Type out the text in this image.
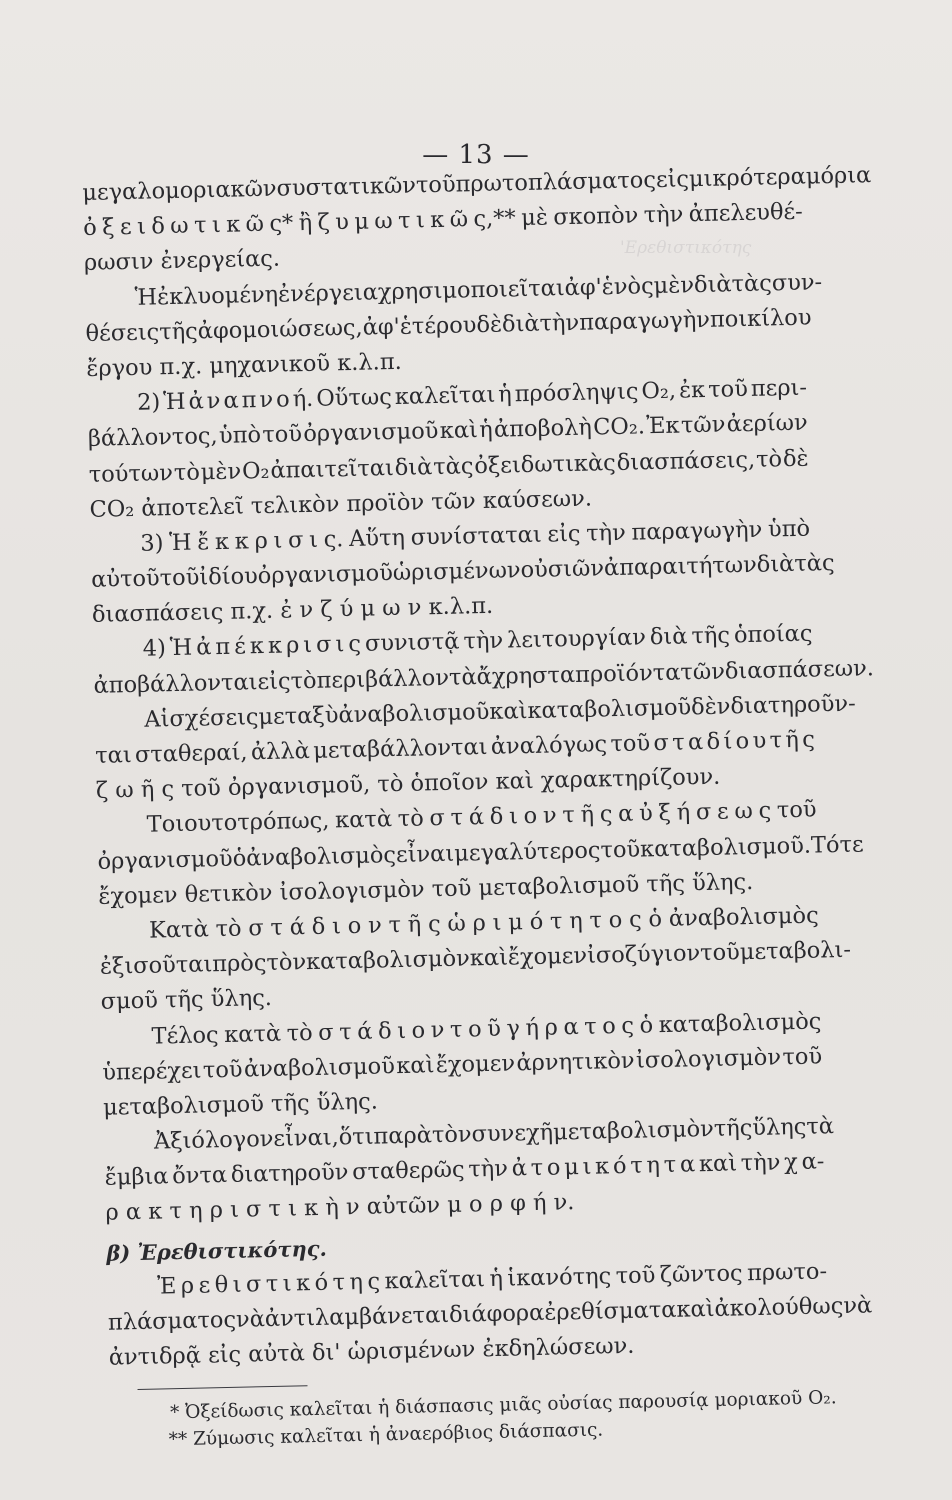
'Ερεθιστικότης
— 13 —
μεγαλομοριακῶν συστατικῶν τοῦ πρωτοπλάσματος εἰς μικρότερα μόρια
ὀ ξ ε ι δ ω τ ι κ ῶ ς* ἢ ζ υ μ ω τ ι κ ῶ ς,** μὲ σκοπὸν τὴν ἀπελευθέ-
ρωσιν ἐνεργείας.
Ἡ ἐκλυομένη ἐνέργεια χρησιμοποιεῖται ἀφ' ἑνὸς μὲν διὰ τὰς συν-
θέσεις τῆς ἀφομοιώσεως, ἀφ' ἑτέρου δὲ διὰ τὴν παραγωγὴν ποικίλου
ἔργου π.χ. μηχανικοῦ κ.λ.π.
2) Ἡ ἀ ν α π ν ο ή. Οὕτως καλεῖται ἡ πρόσληψις O₂, ἐκ τοῦ περι-
βάλλοντος, ὑπὸ τοῦ ὀργανισμοῦ καὶ ἡ ἀποβολὴ CO₂. Ἐκ τῶν ἀερίων
τούτων τὸ μὲν O₂ ἀπαιτεῖται διὰ τὰς ὀξειδωτικὰς διασπάσεις, τὸ δὲ
CO₂ ἀποτελεῖ τελικὸν προϊὸν τῶν καύσεων.
3) Ἡ ἔ κ κ ρ ι σ ι ς. Αὕτη συνίσταται εἰς τὴν παραγωγὴν ὑπὸ
αὐτοῦ τοῦ ἰδίου ὀργανισμοῦ ὡρισμένων οὐσιῶν ἀπαραιτήτων διὰ τὰς
διασπάσεις π.χ. ἐ ν ζ ύ μ ω ν κ.λ.π.
4) Ἡ ἀ π έ κ κ ρ ι σ ι ς συνιστᾷ τὴν λειτουργίαν διὰ τῆς ὁποίας
ἀποβάλλονται εἰς τὸ περιβάλλον τὰ ἄχρηστα προϊόντα τῶν διασπάσεων.
Αἱ σχέσεις μεταξὺ ἀναβολισμοῦ καὶ καταβολισμοῦ δὲν διατηροῦν-
ται σταθεραί, ἀλλὰ μεταβάλλονται ἀναλόγως τοῦ σ τ α δ ί ο υ τ ῆ ς
ζ ω ῆ ς τοῦ ὀργανισμοῦ, τὸ ὁποῖον καὶ χαρακτηρίζουν.
Τοιουτοτρόπως, κατὰ τὸ σ τ ά δ ι ο ν τ ῆ ς α ὐ ξ ή σ ε ω ς τοῦ
ὀργανισμοῦ ὁ ἀναβολισμὸς εἶναι μεγαλύτερος τοῦ καταβολισμοῦ. Τότε
ἔχομεν θετικὸν ἰσολογισμὸν τοῦ μεταβολισμοῦ τῆς ὕλης.
Κατὰ τὸ σ τ ά δ ι ο ν τ ῆ ς ὡ ρ ι μ ό τ η τ ο ς ὁ ἀναβολισμὸς
ἐξισοῦται πρὸς τὸν καταβολισμὸν καὶ ἔχομεν ἰσοζύγιον τοῦ μεταβολι-
σμοῦ τῆς ὕλης.
Τέλος κατὰ τὸ σ τ ά δ ι ο ν τ ο ῦ γ ή ρ α τ ο ς ὁ καταβολισμὸς
ὑπερέχει τοῦ ἀναβολισμοῦ καὶ ἔχομεν ἀρνητικὸν ἰσολογισμὸν τοῦ
μεταβολισμοῦ τῆς ὕλης.
Ἀξιόλογον εἶναι, ὅτι παρὰ τὸν συνεχῆ μεταβολισμὸν τῆς ὕλης τὰ
ἔμβια ὄντα διατηροῦν σταθερῶς τὴν ἀ τ ο μ ι κ ό τ η τ α καὶ τὴν χ α-
ρ α κ τ η ρ ι σ τ ι κ ὴ ν αὐτῶν μ ο ρ φ ή ν.
β) Ἐρεθιστικότης.
Ἐ ρ ε θ ι σ τ ι κ ό τ η ς καλεῖται ἡ ἱκανότης τοῦ ζῶντος πρωτο-
πλάσματος νὰ ἀντιλαμβάνεται διάφορα ἐρεθίσματα καὶ ἀκολούθως νὰ
ἀντιδρᾷ εἰς αὐτὰ δι' ὡρισμένων ἐκδηλώσεων.
* Ὀξείδωσις καλεῖται ἡ διάσπασις μιᾶς οὐσίας παρουσίᾳ μοριακοῦ O₂.
** Ζύμωσις καλεῖται ἡ ἀναερόβιος διάσπασις.
